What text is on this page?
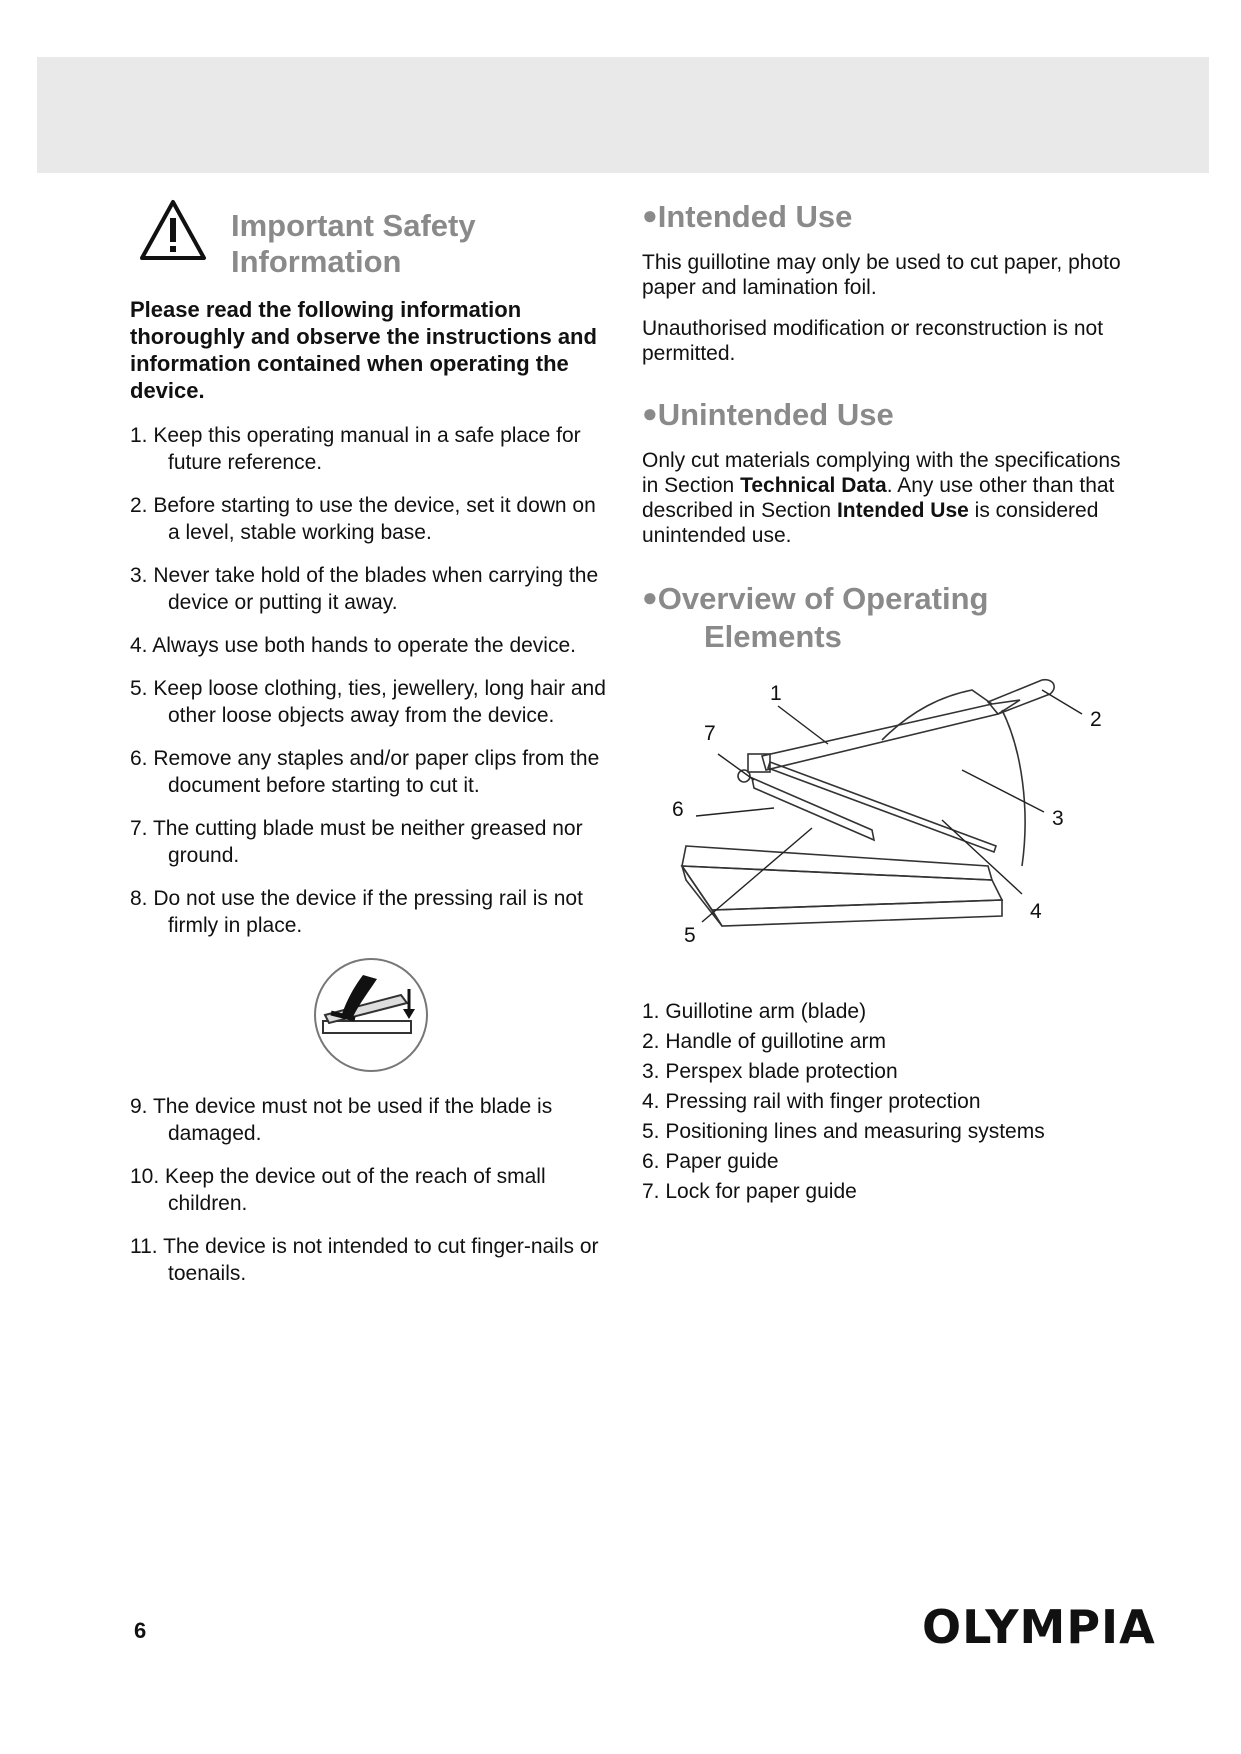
Important Safety
Information

Please read the following information thoroughly and observe the instructions and information contained when operating the device.

1. Keep this operating manual in a safe place for future reference.
2. Before starting to use the device, set it down on a level, stable working base.
3. Never take hold of the blades when carrying the device or putting it away.
4. Always use both hands to operate the device.
5. Keep loose clothing, ties, jewellery, long hair and other loose objects away from the device.
6. Remove any staples and/or paper clips from the document before starting to cut it.
7. The cutting blade must be neither greased nor ground.
8. Do not use the device if the pressing rail is not firmly in place.
9. The device must not be used if the blade is damaged.
10. Keep the device out of the reach of small children.
11. The device is not intended to cut finger-nails or toenails.
●Intended Use

This guillotine may only be used to cut paper, photo paper and lamination foil.

Unauthorised modification or reconstruction is not permitted.

●Unintended Use

Only cut materials complying with the specifications in Section Technical Data. Any use other than that described in Section Intended Use is considered unintended use.

●Overview of Operating
Elements
1
2
3
4
5
6
7
1. Guillotine arm (blade)
2. Handle of guillotine arm
3. Perspex blade protection
4. Pressing rail with finger protection
5. Positioning lines and measuring systems
6. Paper guide
7. Lock for paper guide
6	OLYMPIA
